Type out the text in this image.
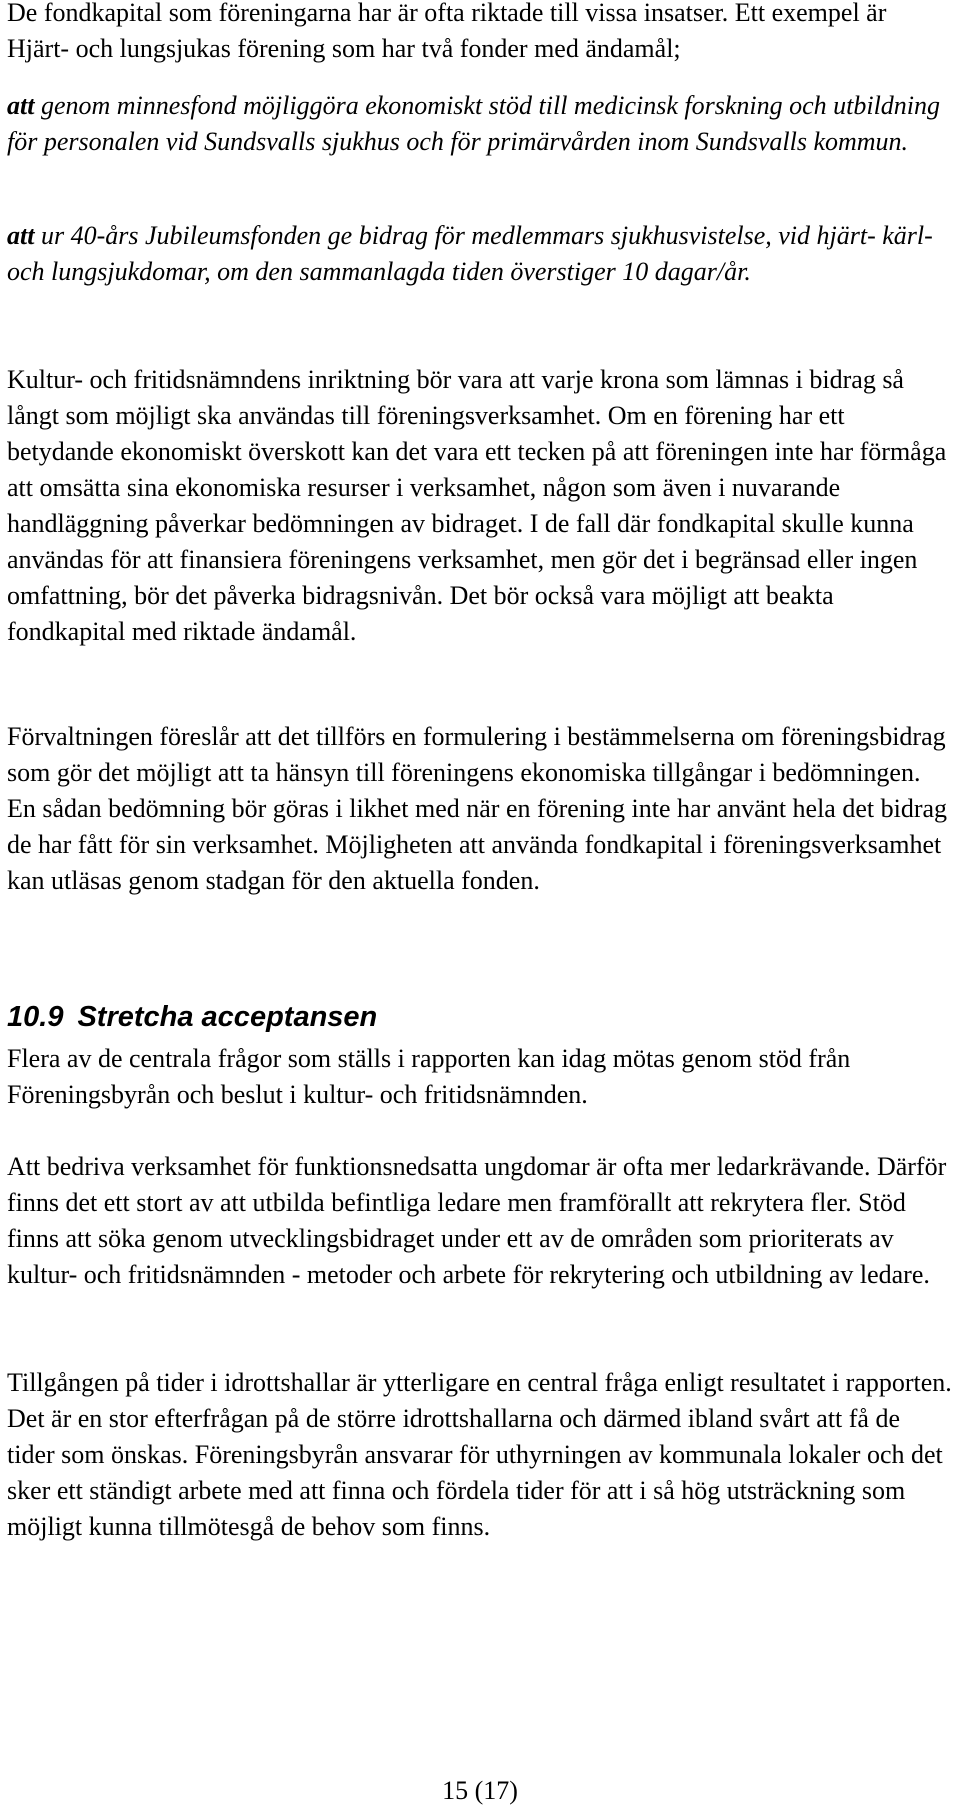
De fondkapital som föreningarna har är ofta riktade till vissa insatser. Ett exempel är Hjärt- och lungsjukas förening som har två fonder med ändamål;

att genom minnesfond möjliggöra ekonomiskt stöd till medicinsk forskning och utbildning för personalen vid Sundsvalls sjukhus och för primärvården inom Sundsvalls kommun.

att ur 40-års Jubileumsfonden ge bidrag för medlemmars sjukhusvistelse, vid hjärt- kärl- och lungsjukdomar, om den sammanlagda tiden överstiger 10 dagar/år.

Kultur- och fritidsnämndens inriktning bör vara att varje krona som lämnas i bidrag så långt som möjligt ska användas till föreningsverksamhet. Om en förening har ett betydande ekonomiskt överskott kan det vara ett tecken på att föreningen inte har förmåga att omsätta sina ekonomiska resurser i verksamhet, någon som även i nuvarande handläggning påverkar bedömningen av bidraget. I de fall där fondkapital skulle kunna användas för att finansiera föreningens verksamhet, men gör det i begränsad eller ingen omfattning, bör det påverka bidragsnivån. Det bör också vara möjligt att beakta fondkapital med riktade ändamål.

Förvaltningen föreslår att det tillförs en formulering i bestämmelserna om föreningsbidrag som gör det möjligt att ta hänsyn till föreningens ekonomiska tillgångar i bedömningen. En sådan bedömning bör göras i likhet med när en förening inte har använt hela det bidrag de har fått för sin verksamhet. Möjligheten att använda fondkapital i föreningsverksamhet kan utläsas genom stadgan för den aktuella fonden.

10.9 Stretcha acceptansen

Flera av de centrala frågor som ställs i rapporten kan idag mötas genom stöd från Föreningsbyrån och beslut i kultur- och fritidsnämnden.

Att bedriva verksamhet för funktionsnedsatta ungdomar är ofta mer ledarkrävande. Därför finns det ett stort av att utbilda befintliga ledare men framförallt att rekrytera fler. Stöd finns att söka genom utvecklingsbidraget under ett av de områden som prioriterats av kultur- och fritidsnämnden - metoder och arbete för rekrytering och utbildning av ledare.

Tillgången på tider i idrottshallar är ytterligare en central fråga enligt resultatet i rapporten. Det är en stor efterfrågan på de större idrottshallarna och därmed ibland svårt att få de tider som önskas. Föreningsbyrån ansvarar för uthyrningen av kommunala lokaler och det sker ett ständigt arbete med att finna och fördela tider för att i så hög utsträckning som möjligt kunna tillmötesgå de behov som finns.

15 (17)
